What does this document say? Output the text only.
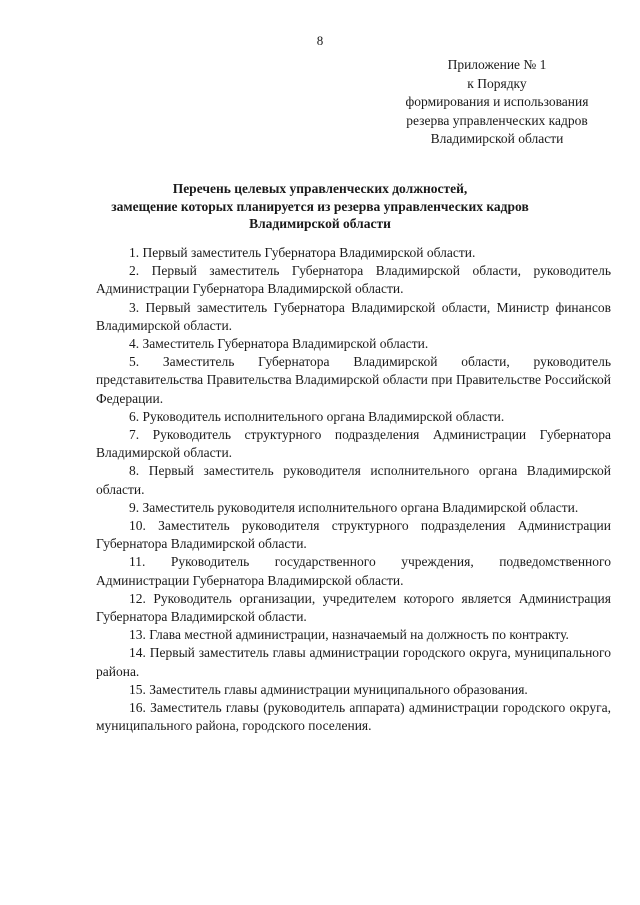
8
Приложение № 1
к Порядку
формирования и использования
резерва управленческих кадров
Владимирской области
Перечень целевых управленческих должностей,
замещение которых планируется из резерва управленческих кадров
Владимирской области
1. Первый заместитель Губернатора Владимирской области.
2. Первый заместитель Губернатора Владимирской области, руководитель Администрации Губернатора Владимирской области.
3. Первый заместитель Губернатора Владимирской области, Министр финансов Владимирской области.
4. Заместитель Губернатора Владимирской области.
5. Заместитель Губернатора Владимирской области, руководитель представительства Правительства Владимирской области при Правительстве Российской Федерации.
6. Руководитель исполнительного органа Владимирской области.
7. Руководитель структурного подразделения Администрации Губернатора Владимирской области.
8. Первый заместитель руководителя исполнительного органа Владимирской области.
9. Заместитель руководителя исполнительного органа Владимирской области.
10. Заместитель руководителя структурного подразделения Администрации Губернатора Владимирской области.
11. Руководитель государственного учреждения, подведомственного Администрации Губернатора Владимирской области.
12. Руководитель организации, учредителем которого является Администрация Губернатора Владимирской области.
13. Глава местной администрации, назначаемый на должность по контракту.
14. Первый заместитель главы администрации городского округа, муниципального района.
15. Заместитель главы администрации муниципального образования.
16. Заместитель главы (руководитель аппарата) администрации городского округа, муниципального района, городского поселения.
